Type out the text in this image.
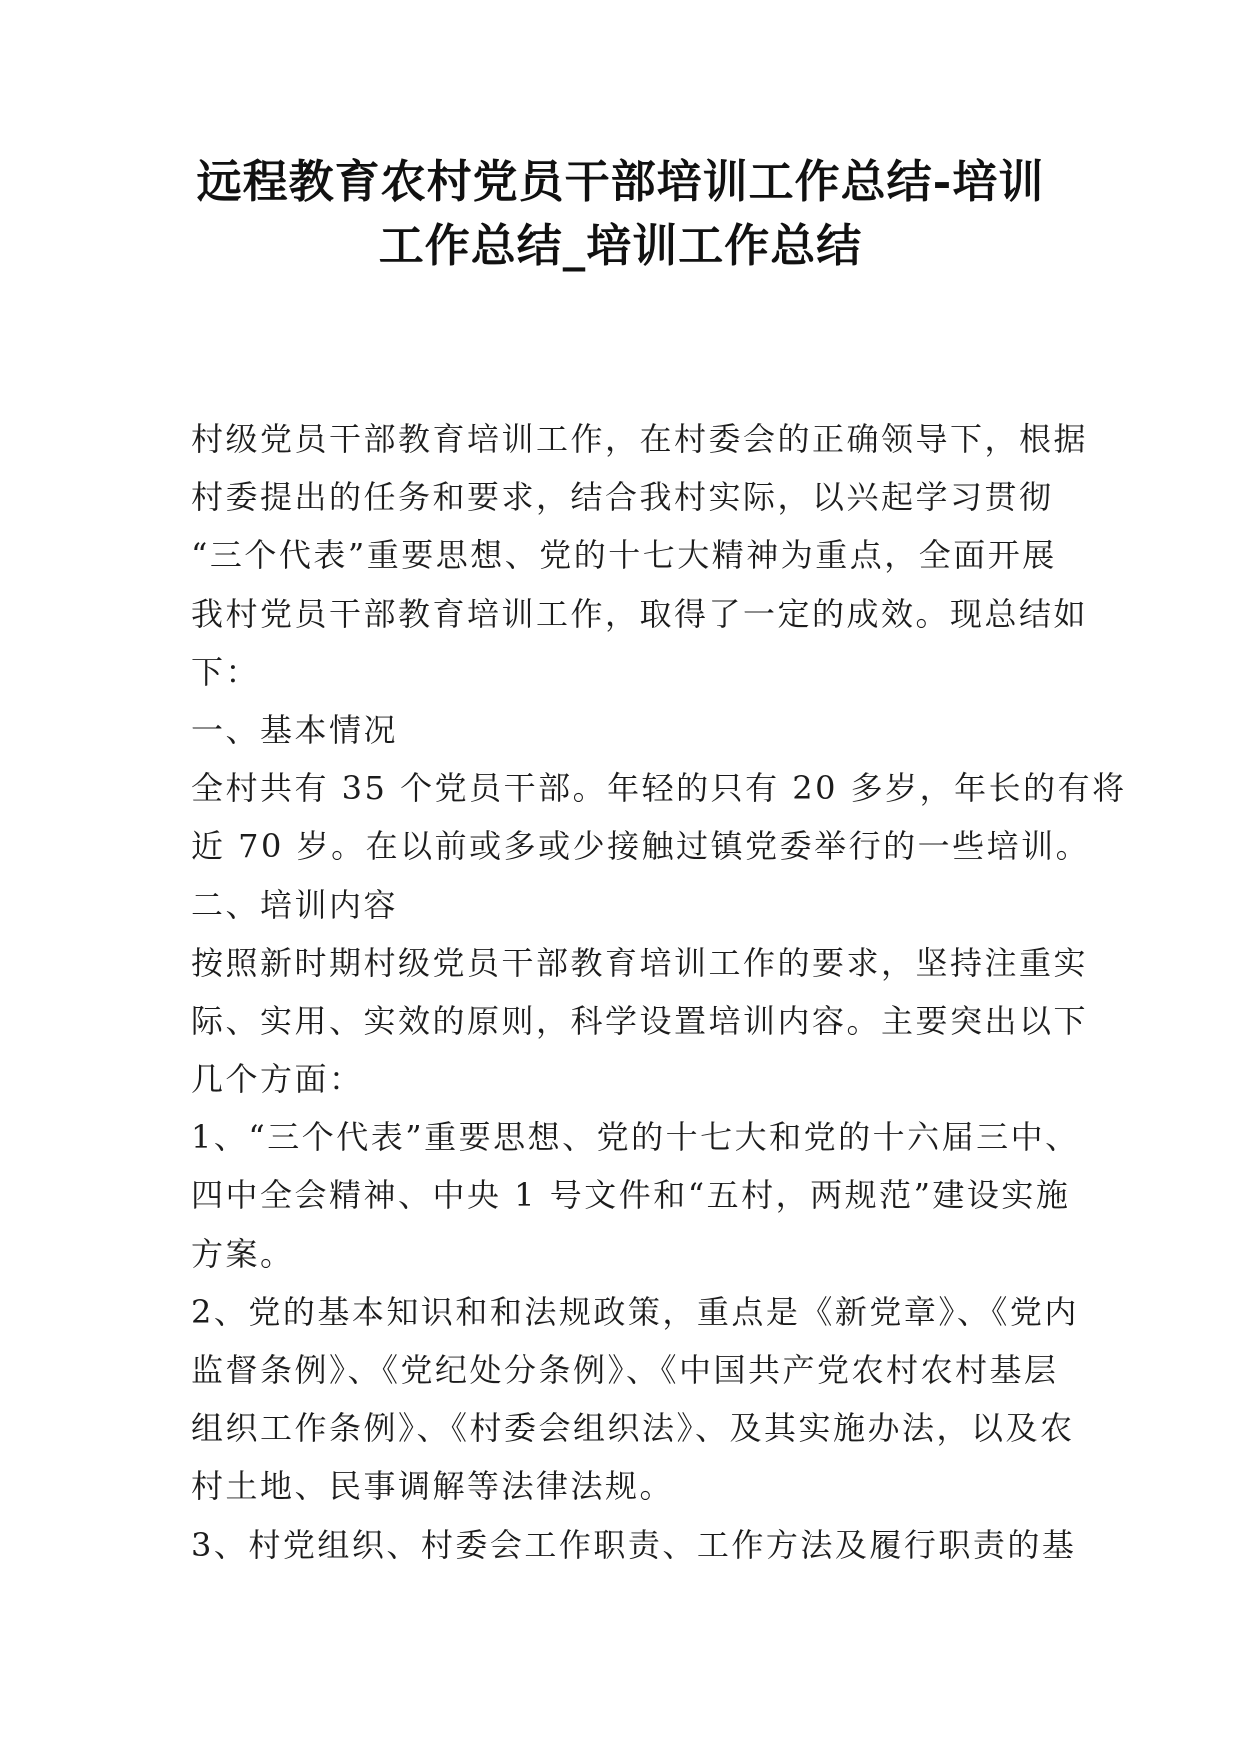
远程教育农村党员干部培训工作总结-培训
工作总结_培训工作总结
村级党员干部教育培训工作，在村委会的正确领导下，根据
村委提出的任务和要求，结合我村实际，以兴起学习贯彻
“三个代表”重要思想、党的十七大精神为重点，全面开展
我村党员干部教育培训工作，取得了一定的成效。现总结如
下：
一、基本情况
全村共有 35 个党员干部。年轻的只有 20 多岁，年长的有将
近 70 岁。在以前或多或少接触过镇党委举行的一些培训。
二、培训内容
按照新时期村级党员干部教育培训工作的要求，坚持注重实
际、实用、实效的原则，科学设置培训内容。主要突出以下
几个方面：
1、“三个代表”重要思想、党的十七大和党的十六届三中、
四中全会精神、中央 1 号文件和“五村，两规范”建设实施
方案。
2、党的基本知识和和法规政策，重点是《新党章》、《党内
监督条例》、《党纪处分条例》、《中国共产党农村农村基层
组织工作条例》、《村委会组织法》、及其实施办法，以及农
村土地、民事调解等法律法规。
3、村党组织、村委会工作职责、工作方法及履行职责的基
